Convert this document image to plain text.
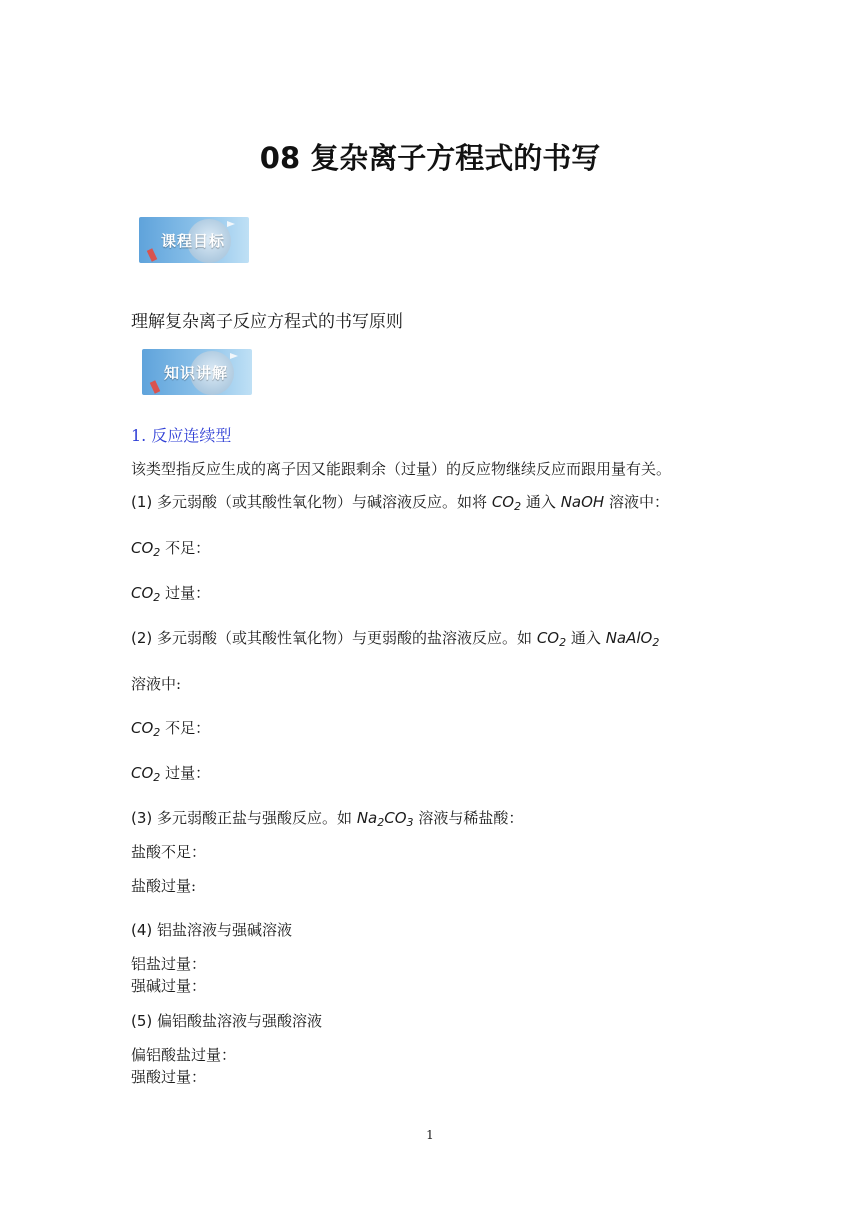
08 复杂离子方程式的书写
课程目标
理解复杂离子反应方程式的书写原则
知识讲解
1. 反应连续型
该类型指反应生成的离子因又能跟剩余（过量）的反应物继续反应而跟用量有关。
(1) 多元弱酸（或其酸性氧化物）与碱溶液反应。如将 $CO_2$ 通入 NaOH 溶液中：
$CO_2$ 不足：
$CO_2$ 过量：
(2) 多元弱酸（或其酸性氧化物）与更弱酸的盐溶液反应。如 $CO_2$ 通入 NaAlO$_2$
溶液中:
$CO_2$ 不足：
$CO_2$ 过量：
(3) 多元弱酸正盐与强酸反应。如 $Na_2CO_3$ 溶液与稀盐酸：
盐酸不足：
盐酸过量:
(4) 铝盐溶液与强碱溶液
铝盐过量：
强碱过量：
(5) 偏铝酸盐溶液与强酸溶液
偏铝酸盐过量：
强酸过量：
1
